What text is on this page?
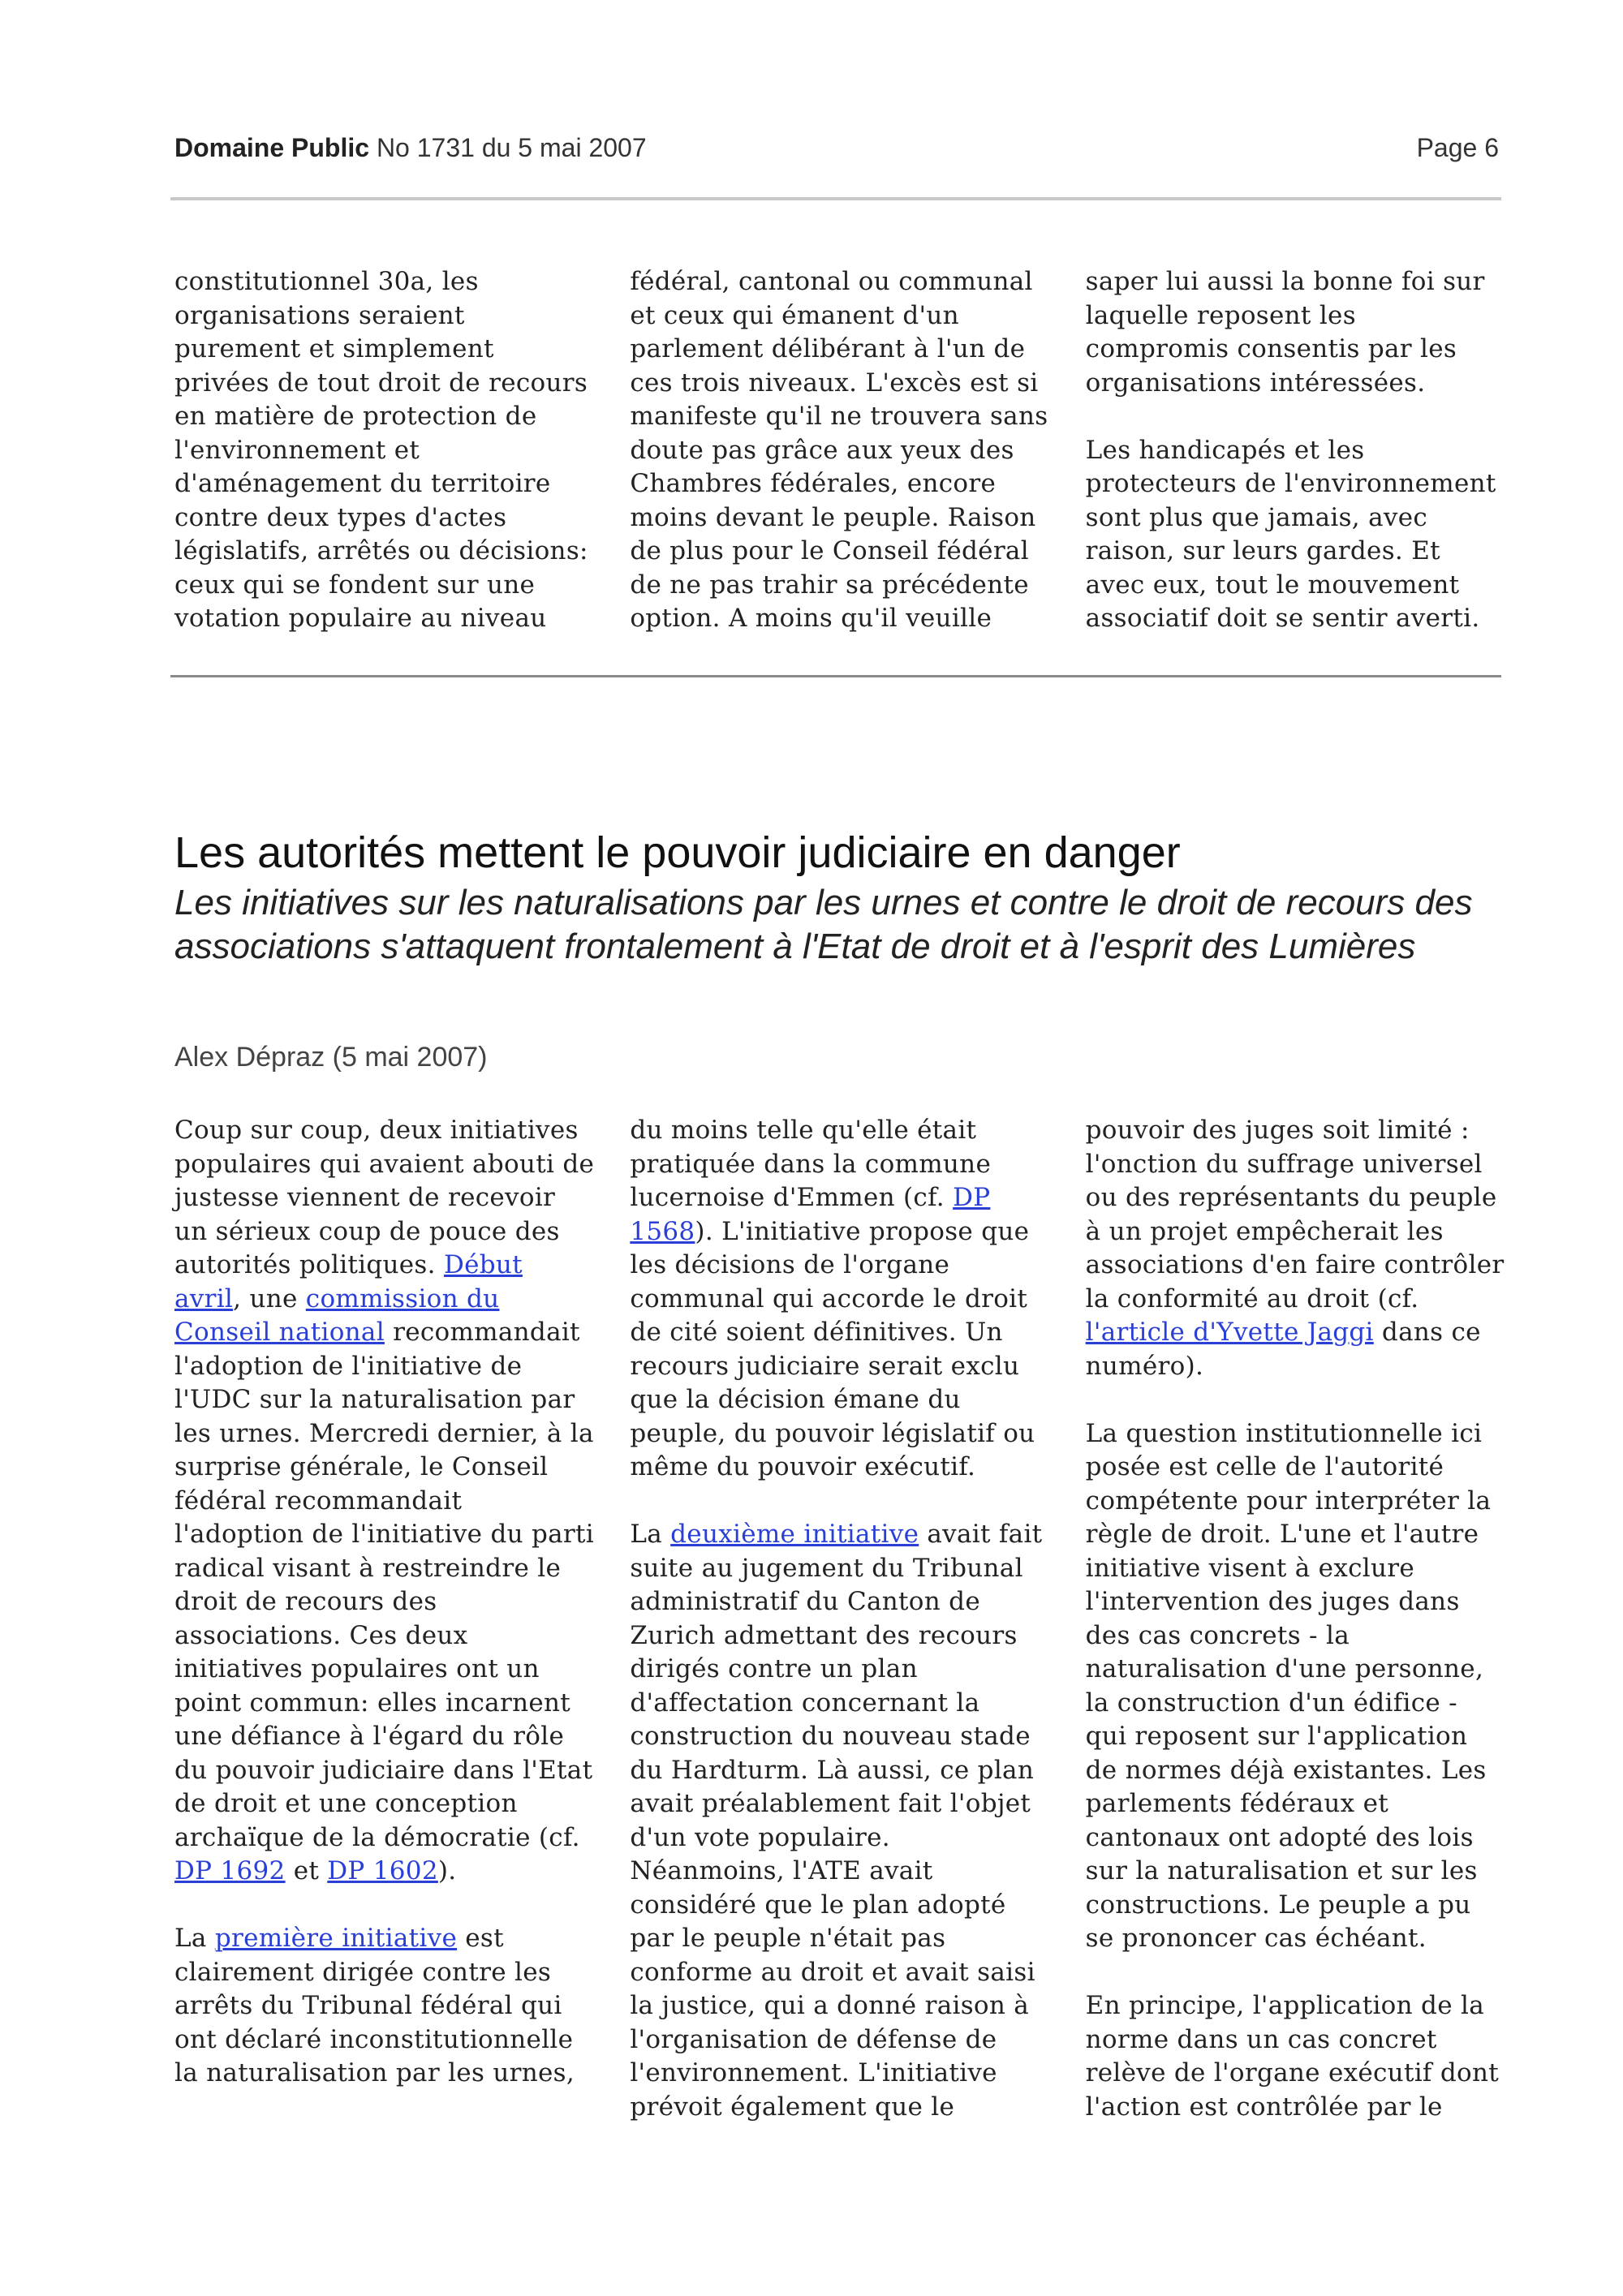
Domaine Public No 1731 du 5 mai 2007	Page 6

constitutionnel 30a, les organisations seraient purement et simplement privées de tout droit de recours en matière de protection de l'environnement et d'aménagement du territoire contre deux types d'actes législatifs, arrêtés ou décisions: ceux qui se fondent sur une votation populaire au niveau

fédéral, cantonal ou communal et ceux qui émanent d'un parlement délibérant à l'un de ces trois niveaux. L'excès est si manifeste qu'il ne trouvera sans doute pas grâce aux yeux des Chambres fédérales, encore moins devant le peuple. Raison de plus pour le Conseil fédéral de ne pas trahir sa précédente option. A moins qu'il veuille

saper lui aussi la bonne foi sur laquelle reposent les compromis consentis par les organisations intéressées.

Les handicapés et les protecteurs de l'environnement sont plus que jamais, avec raison, sur leurs gardes. Et avec eux, tout le mouvement associatif doit se sentir averti.

Les autorités mettent le pouvoir judiciaire en danger

Les initiatives sur les naturalisations par les urnes et contre le droit de recours des associations s'attaquent frontalement à l'Etat de droit et à l'esprit des Lumières

Alex Dépraz (5 mai 2007)

Coup sur coup, deux initiatives populaires qui avaient abouti de justesse viennent de recevoir un sérieux coup de pouce des autorités politiques. Début avril, une commission du Conseil national recommandait l'adoption de l'initiative de l'UDC sur la naturalisation par les urnes. Mercredi dernier, à la surprise générale, le Conseil fédéral recommandait l'adoption de l'initiative du parti radical visant à restreindre le droit de recours des associations. Ces deux initiatives populaires ont un point commun: elles incarnent une défiance à l'égard du rôle du pouvoir judiciaire dans l'Etat de droit et une conception archaïque de la démocratie (cf. DP 1692 et DP 1602).

La première initiative est clairement dirigée contre les arrêts du Tribunal fédéral qui ont déclaré inconstitutionnelle la naturalisation par les urnes,

du moins telle qu'elle était pratiquée dans la commune lucernoise d'Emmen (cf. DP 1568). L'initiative propose que les décisions de l'organe communal qui accorde le droit de cité soient définitives. Un recours judiciaire serait exclu que la décision émane du peuple, du pouvoir législatif ou même du pouvoir exécutif.

La deuxième initiative avait fait suite au jugement du Tribunal administratif du Canton de Zurich admettant des recours dirigés contre un plan d'affectation concernant la construction du nouveau stade du Hardturm. Là aussi, ce plan avait préalablement fait l'objet d'un vote populaire. Néanmoins, l'ATE avait considéré que le plan adopté par le peuple n'était pas conforme au droit et avait saisi la justice, qui a donné raison à l'organisation de défense de l'environnement. L'initiative prévoit également que le

pouvoir des juges soit limité : l'onction du suffrage universel ou des représentants du peuple à un projet empêcherait les associations d'en faire contrôler la conformité au droit (cf. l'article d'Yvette Jaggi dans ce numéro).

La question institutionnelle ici posée est celle de l'autorité compétente pour interpréter la règle de droit. L'une et l'autre initiative visent à exclure l'intervention des juges dans des cas concrets - la naturalisation d'une personne, la construction d'un édifice - qui reposent sur l'application de normes déjà existantes. Les parlements fédéraux et cantonaux ont adopté des lois sur la naturalisation et sur les constructions. Le peuple a pu se prononcer cas échéant.

En principe, l'application de la norme dans un cas concret relève de l'organe exécutif dont l'action est contrôlée par le
